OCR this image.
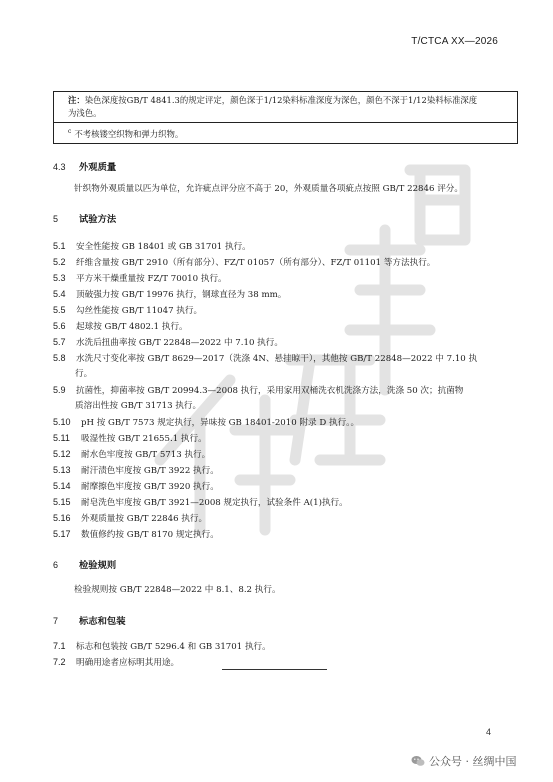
T/CTCA XX—2026
注：染色深度按GB/T 4841.3的规定评定，颜色深于1/12染料标准深度为深色，颜色不深于1/12染料标准深度
为浅色。
$^c$ 不考核镂空织物和弹力织物。
4.3 外观质量
针织物外观质量以匹为单位，允许疵点评分应不高于 20，外观质量各项疵点按照 GB/T 22846 评分。
5 试验方法
5.1 安全性能按 GB 18401 或 GB 31701 执行。
5.2 纤维含量按 GB/T 2910（所有部分）、FZ/T 01057（所有部分）、FZ/T 01101 等方法执行。
5.3 平方米干燥重量按 FZ/T 70010 执行。
5.4 顶破强力按 GB/T 19976 执行，钢球直径为 38 mm。
5.5 勾丝性能按 GB/T 11047 执行。
5.6 起球按 GB/T 4802.1 执行。
5.7 水洗后扭曲率按 GB/T 22848—2022 中 7.10 执行。
5.8 水洗尺寸变化率按 GB/T 8629—2017（洗涤 4N、悬挂晾干），其他按 GB/T 22848—2022 中 7.10 执
行。
5.9 抗菌性，抑菌率按 GB/T 20994.3—2008 执行，采用家用双桶洗衣机洗涤方法，洗涤 50 次；抗菌物
质溶出性按 GB/T 31713 执行。
5.10 pH 按 GB/T 7573 规定执行，异味按 GB 18401-2010 附录 D 执行。。
5.11 吸湿性按 GB/T 21655.1 执行。
5.12 耐水色牢度按 GB/T 5713 执行。
5.13 耐汗渍色牢度按 GB/T 3922 执行。
5.14 耐摩擦色牢度按 GB/T 3920 执行。
5.15 耐皂洗色牢度按 GB/T 3921—2008 规定执行，试验条件 A(1)执行。
5.16 外观质量按 GB/T 22846 执行。
5.17 数值修约按 GB/T 8170 规定执行。
6 检验规则
检验规则按 GB/T 22848—2022 中 8.1、8.2 执行。
7 标志和包装
7.1 标志和包装按 GB/T 5296.4 和 GB 31701 执行。
7.2 明确用途者应标明其用途。
4
公众号 · 丝绸中国
